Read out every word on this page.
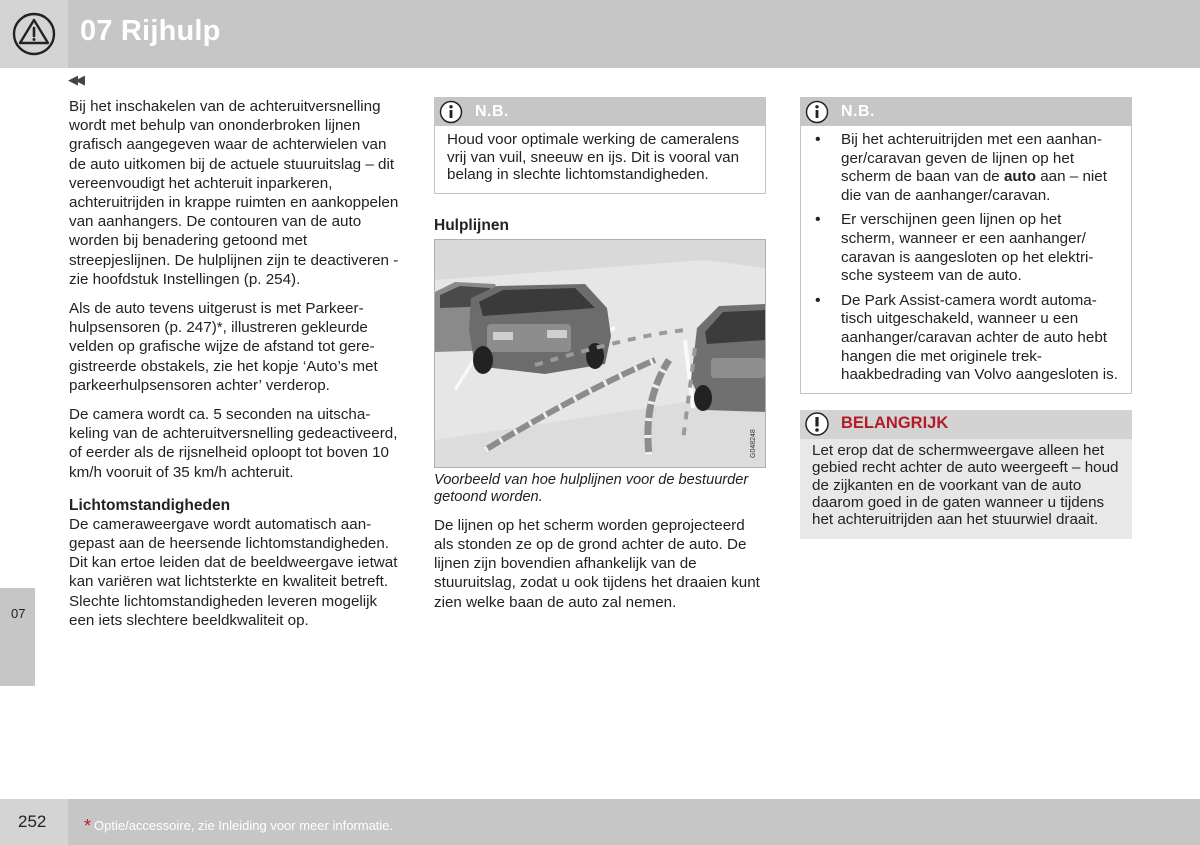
07 Rijhulp
◀◀
07

Bij het inschakelen van de achteruitversnelling wordt met behulp van ononderbroken lijnen grafisch aangegeven waar de achterwielen van de auto uitkomen bij de actuele stuuruitslag – dit vereenvoudigt het achteruit inparkeren, achteruitrijden in krappe ruimten en aankoppelen van aanhangers. De contouren van de auto worden bij benadering getoond met streepjeslijnen. De hulplijnen zijn te deactiveren - zie hoofdstuk Instellingen (p. 254).

Als de auto tevens uitgerust is met Parkeerhulpsensoren (p. 247)*, illustreren gekleurde velden op grafische wijze de afstand tot geregistreerde obstakels, zie het kopje ‘Auto’s met parkeerhulpsensoren achter’ verderop.

De camera wordt ca. 5 seconden na uitschakeling van de achteruitversnelling gedeactiveerd, of eerder als de rijsnelheid oploopt tot boven 10 km/h vooruit of 35 km/h achteruit.

Lichtomstandigheden

De cameraweergave wordt automatisch aangepast aan de heersende lichtomstandigheden. Dit kan ertoe leiden dat de beeldweergave ietwat kan variëren wat lichtsterkte en kwaliteit betreft. Slechte lichtomstandigheden leveren mogelijk een iets slechtere beeldkwaliteit op.

N.B.
Houd voor optimale werking de cameralens vrij van vuil, sneeuw en ijs. Dit is vooral van belang in slechte lichtomstandigheden.
Hulplijnen
G048248
Voorbeeld van hoe hulplijnen voor de bestuurder getoond worden.

De lijnen op het scherm worden geprojecteerd als stonden ze op de grond achter de auto. De lijnen zijn bovendien afhankelijk van de stuuruitslag, zodat u ook tijdens het draaien kunt zien welke baan de auto zal nemen.

N.B.
• Bij het achteruitrijden met een aanhanger/caravan geven de lijnen op het scherm de baan van de auto aan – niet die van de aanhanger/caravan.
• Er verschijnen geen lijnen op het scherm, wanneer er een aanhanger/ caravan is aangesloten op het elektrische systeem van de auto.
• De Park Assist-camera wordt automatisch uitgeschakeld, wanneer u een aanhanger/caravan achter de auto hebt hangen die met originele trekhaakbedrading van Volvo aangesloten is.
BELANGRIJK
Let erop dat de schermweergave alleen het gebied recht achter de auto weergeeft – houd de zijkanten en de voorkant van de auto daarom goed in de gaten wanneer u tijdens het achteruitrijden aan het stuurwiel draait.
252 * Optie/accessoire, zie Inleiding voor meer informatie.
